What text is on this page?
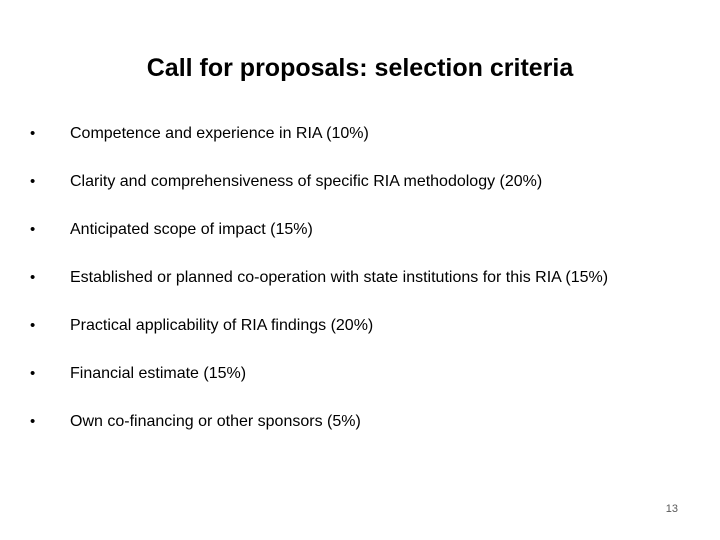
Call for proposals: selection criteria
•	Competence and experience in RIA (10%)
•	Clarity and comprehensiveness of specific RIA methodology (20%)
•	Anticipated scope of impact (15%)
•	Established or planned co-operation with state institutions for this RIA (15%)
•	Practical applicability of RIA findings (20%)
•	Financial estimate (15%)
•	Own co-financing or other sponsors (5%)
13
